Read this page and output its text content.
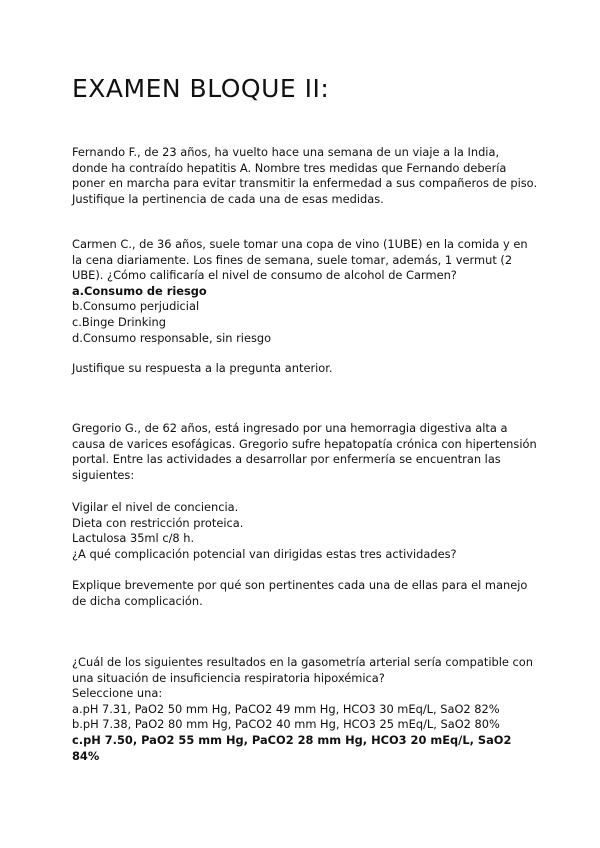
EXAMEN BLOQUE II:
Fernando F., de 23 años, ha vuelto hace una semana de un viaje a la India,
donde ha contraído hepatitis A. Nombre tres medidas que Fernando debería
poner en marcha para evitar transmitir la enfermedad a sus compañeros de piso.
Justifique la pertinencia de cada una de esas medidas.
Carmen C., de 36 años, suele tomar una copa de vino (1UBE) en la comida y en
la cena diariamente. Los fines de semana, suele tomar, además, 1 vermut (2
UBE). ¿Cómo calificaría el nivel de consumo de alcohol de Carmen?
a.Consumo de riesgo
b.Consumo perjudicial
c.Binge Drinking
d.Consumo responsable, sin riesgo
Justifique su respuesta a la pregunta anterior.
Gregorio G., de 62 años, está ingresado por una hemorragia digestiva alta a
causa de varices esofágicas. Gregorio sufre hepatopatía crónica con hipertensión
portal. Entre las actividades a desarrollar por enfermería se encuentran las
siguientes:
Vigilar el nivel de conciencia.
Dieta con restricción proteica.
Lactulosa 35ml c/8 h.
¿A qué complicación potencial van dirigidas estas tres actividades?
Explique brevemente por qué son pertinentes cada una de ellas para el manejo
de dicha complicación.
¿Cuál de los siguientes resultados en la gasometría arterial sería compatible con
una situación de insuficiencia respiratoria hipoxémica?
Seleccione una:
a.pH 7.31, PaO2 50 mm Hg, PaCO2 49 mm Hg, HCO3 30 mEq/L, SaO2 82%
b.pH 7.38, PaO2 80 mm Hg, PaCO2 40 mm Hg, HCO3 25 mEq/L, SaO2 80%
c.pH 7.50, PaO2 55 mm Hg, PaCO2 28 mm Hg, HCO3 20 mEq/L, SaO2
84%
